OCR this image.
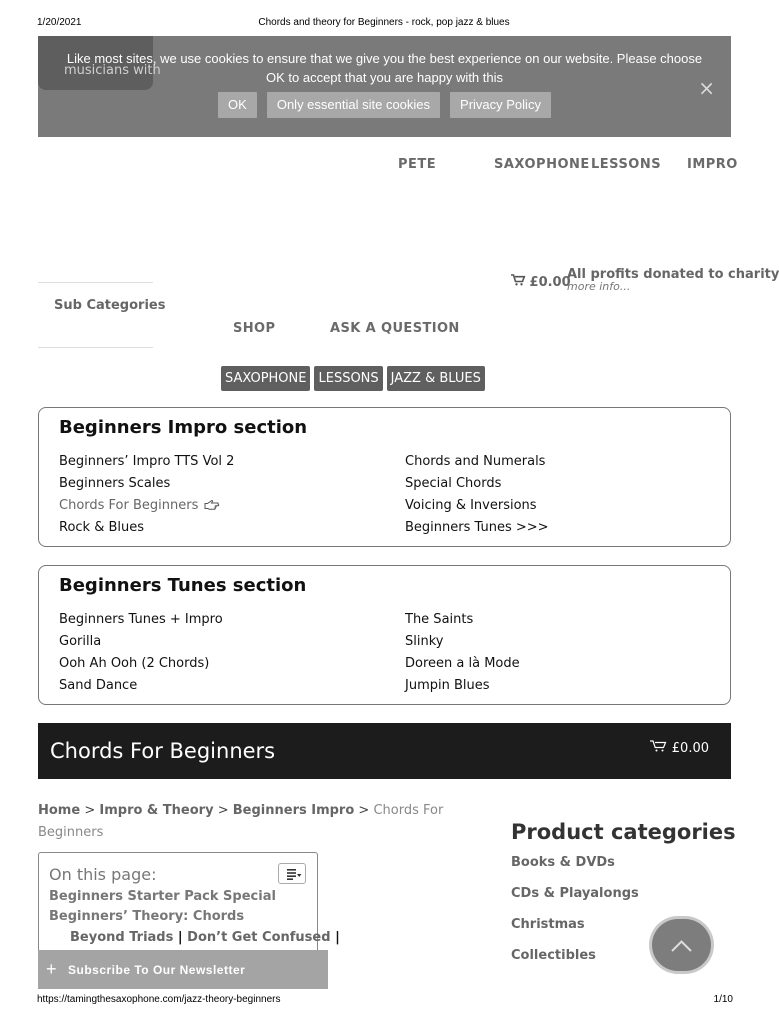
1/20/2021	Chords and theory for Beginners - rock, pop jazz & blues
PETE	SAXOPHONE LESSONS IMPRO
£0.00
All profits donated to charity
more info...
Sub Categories
SHOP	ASK A QUESTION
musicians with
Like most sites, we use cookies to ensure that we give you the best experience on our website. Please choose
OK to accept that you are happy with this
OK	Only essential site cookies	Privacy Policy
×
SAXOPHONE LESSONS JAZZ & BLUES
Beginners Impro section
Beginners’ Impro TTS Vol 2
Beginners Scales
Chords For Beginners
Rock & Blues
Chords and Numerals
Special Chords
Voicing & Inversions
Beginners Tunes >>>
Beginners Tunes section
Beginners Tunes + Impro
Gorilla
Ooh Ah Ooh (2 Chords)
Sand Dance
The Saints
Slinky
Doreen a là Mode
Jumpin Blues
Chords For Beginners	£0.00
Home > Impro & Theory > Beginners Impro > Chords For Beginners
On this page:
Beginners Starter Pack Special
Beginners’ Theory: Chords
Beyond Triads | Don’t Get Confused |
Product categories
Books & DVDs
CDs & Playalongs
Christmas
Collectibles
+ Subscribe To Our Newsletter
https://tamingthesaxophone.com/jazz-theory-beginners	1/10
